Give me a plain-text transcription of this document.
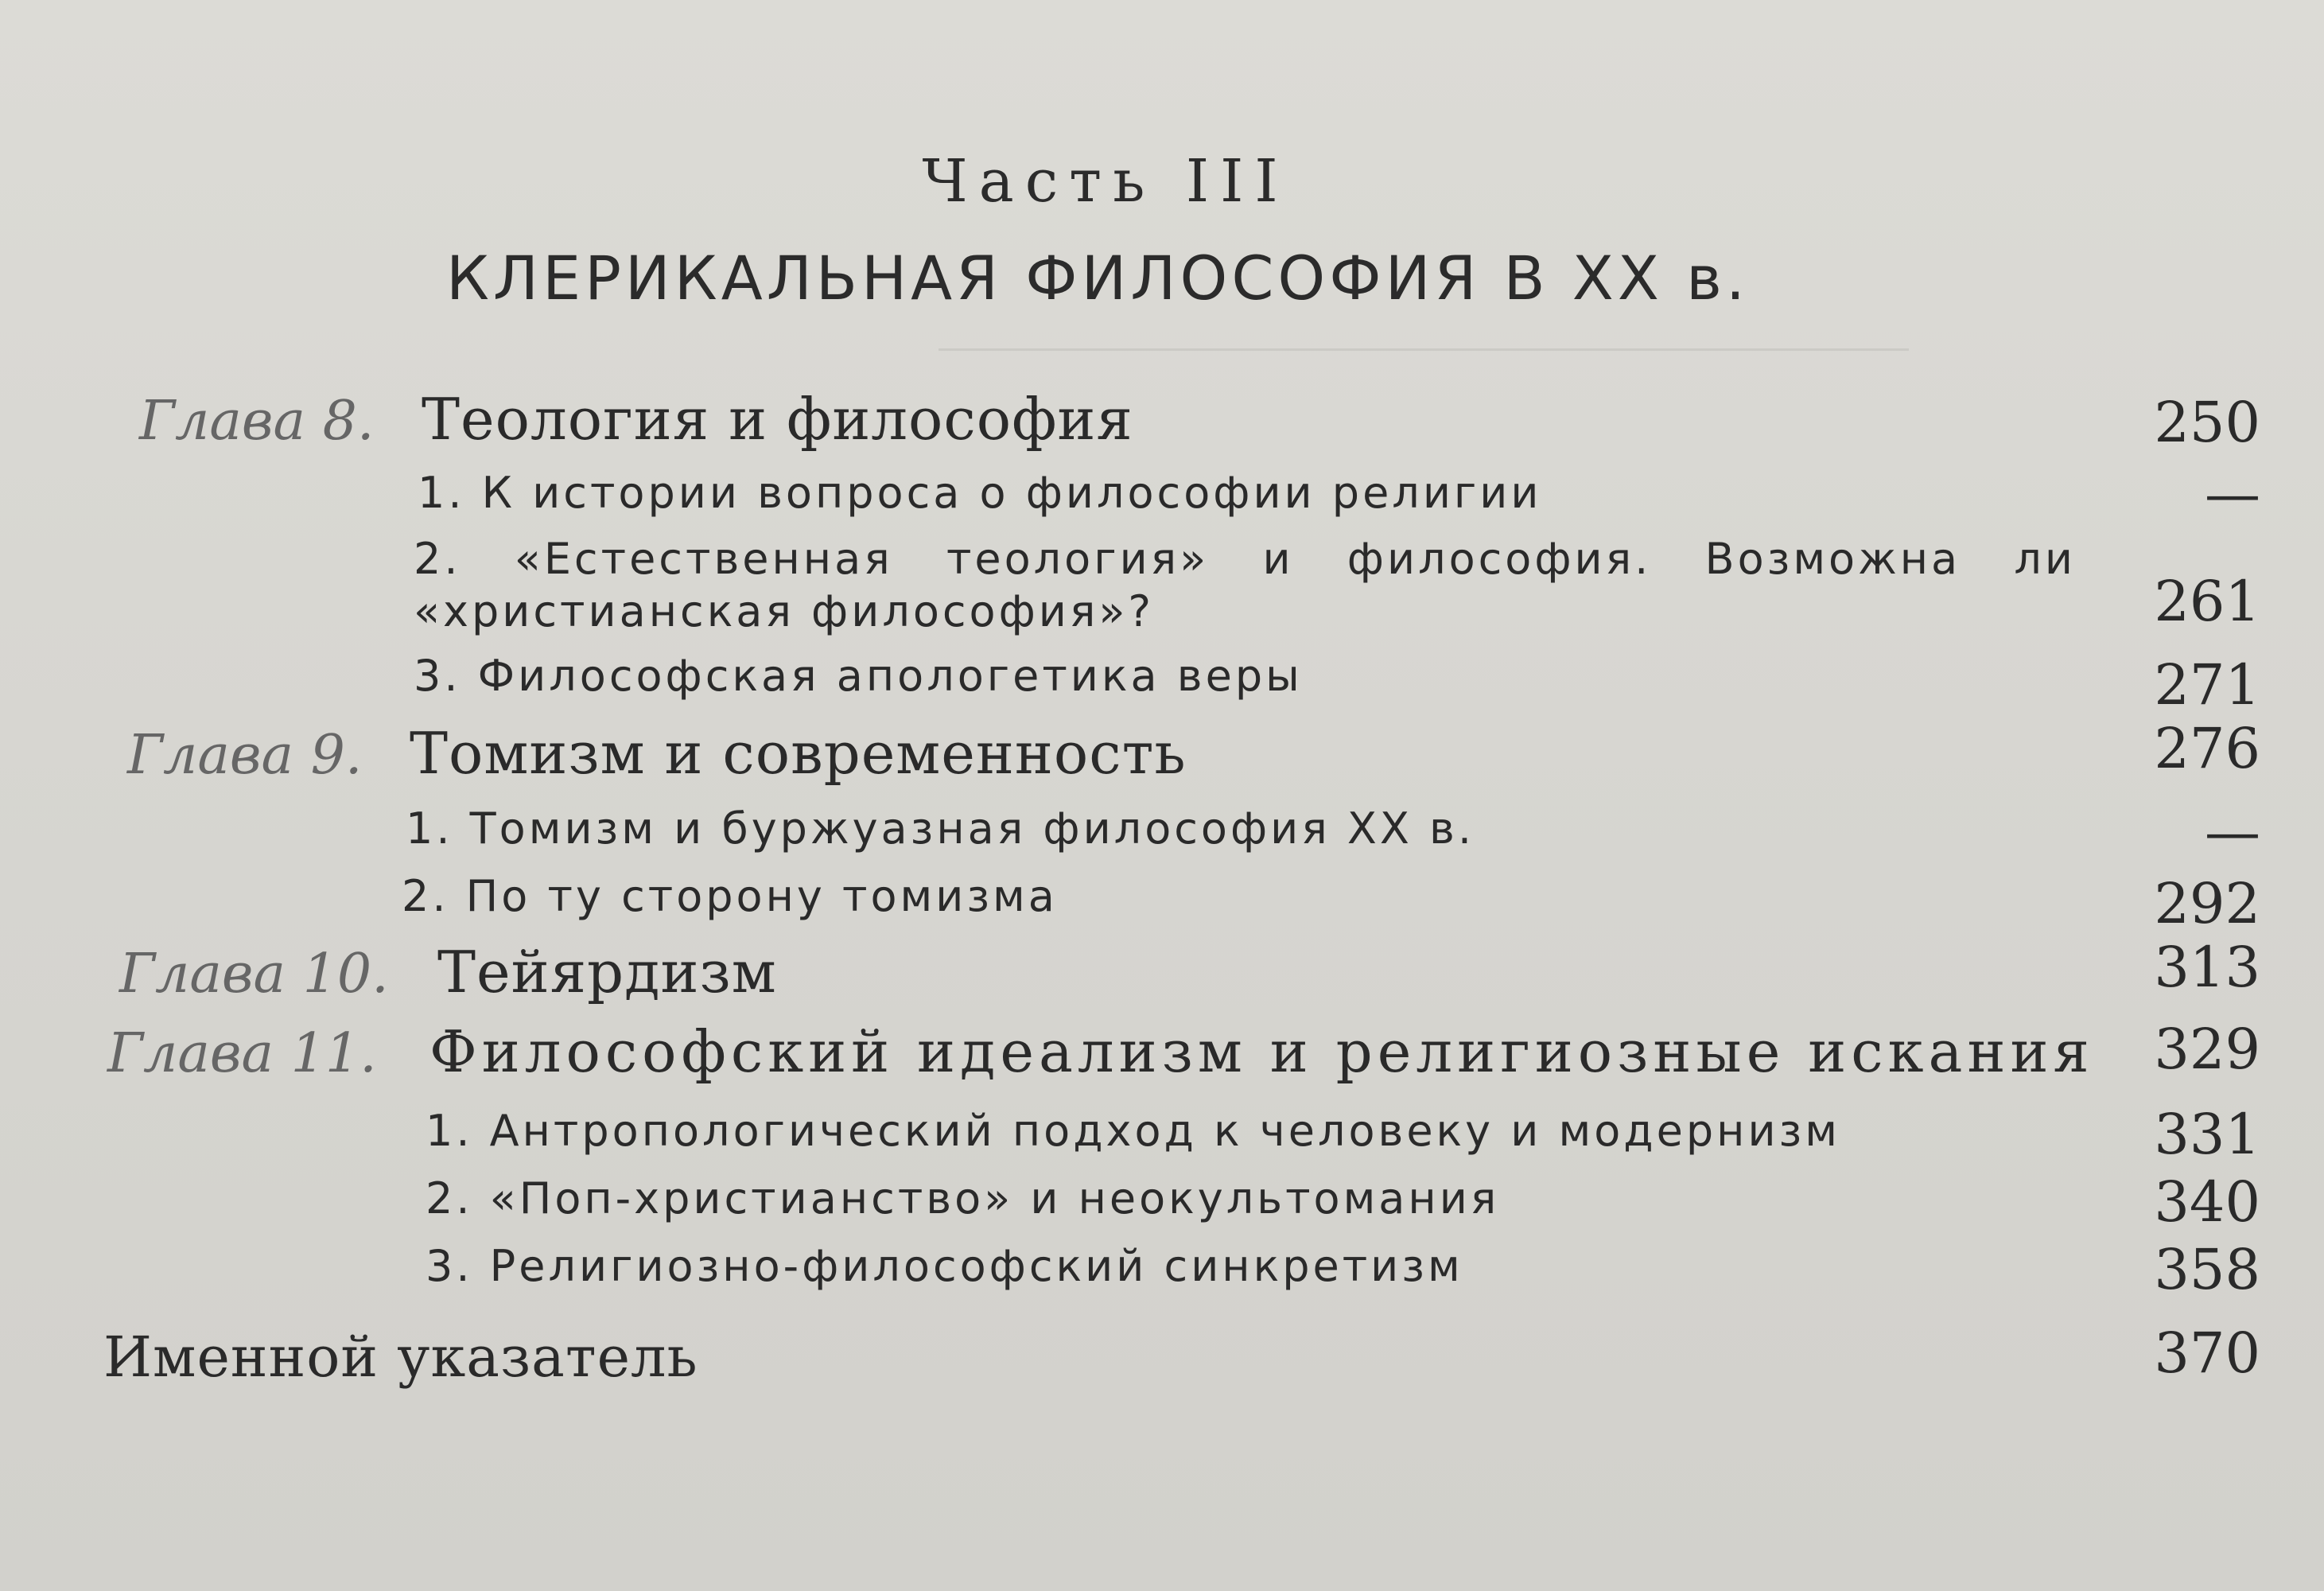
Часть III
КЛЕРИКАЛЬНАЯ ФИЛОСОФИЯ В XX в.
Глава 8. Теология и философия	250
1. К истории вопроса о философии религии	—
2. «Естественная теология» и философия. Возможна ли «христианская философия»?	261
3. Философская апологетика веры	271
Глава 9. Томизм и современность	276
1. Томизм и буржуазная философия XX в.	—
2. По ту сторону томизма	292
Глава 10. Тейярдизм	313
Глава 11. Философский идеализм и религиозные искания 329
1. Антропологический подход к человеку и модернизм	331
2. «Поп-христианство» и неокультомания	340
3. Религиозно-философский синкретизм	358
Именной указатель	370
